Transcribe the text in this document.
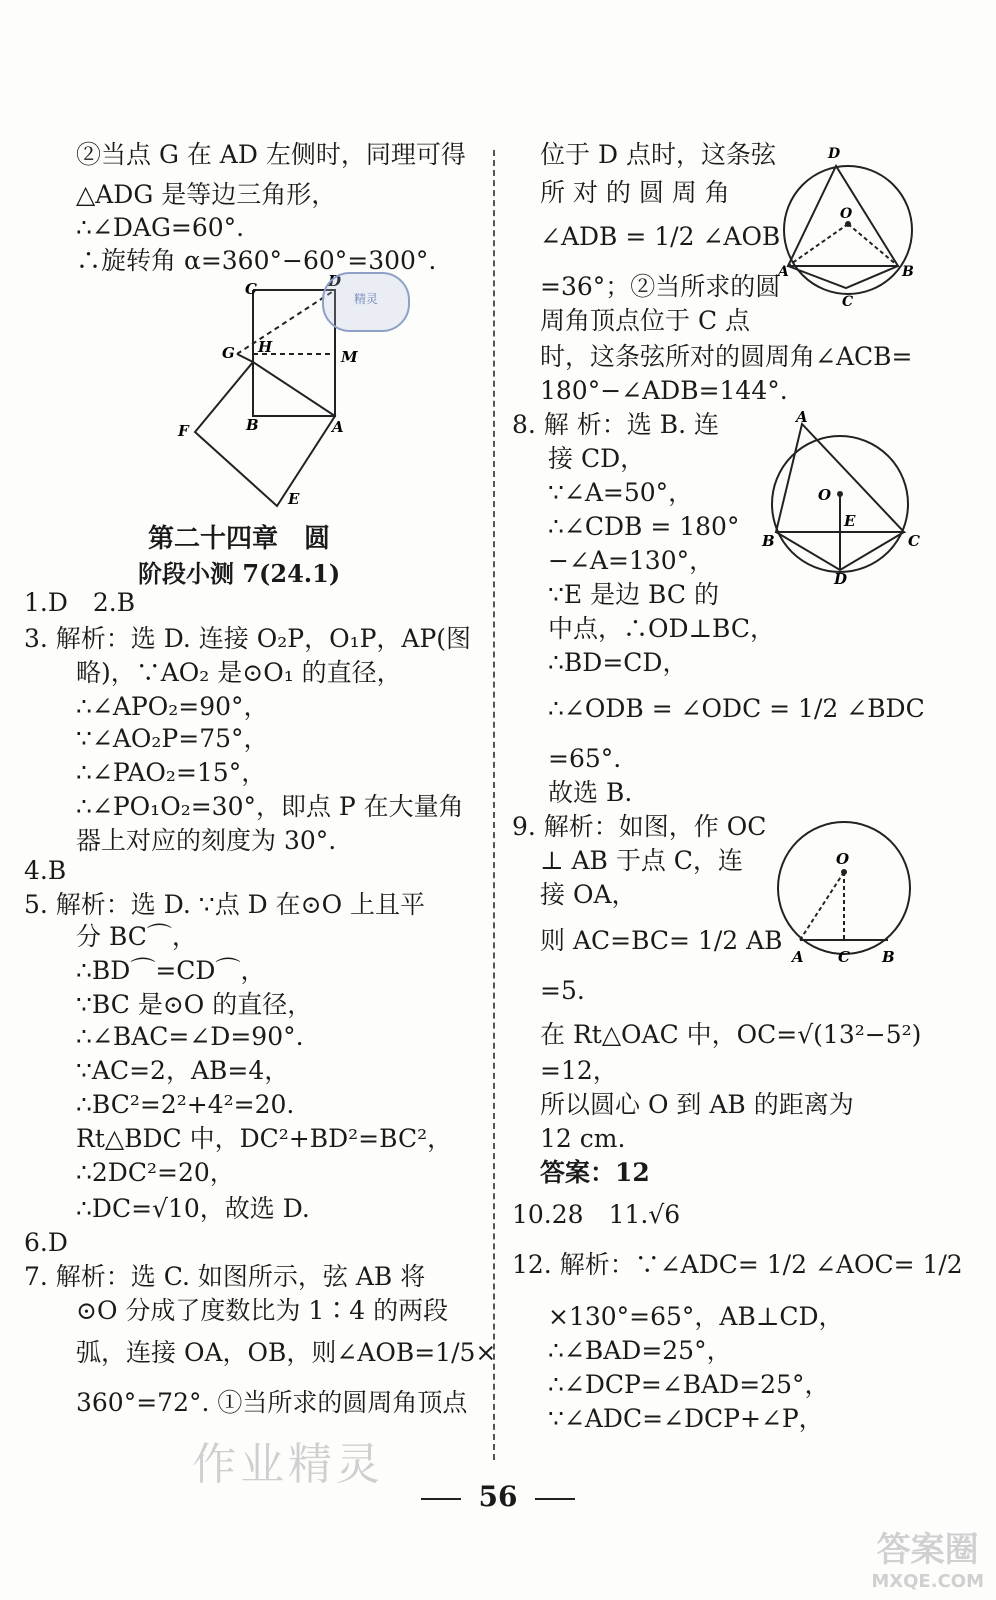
②当点 G 在 AD 左侧时，同理可得
△ADG 是等边三角形，
∴∠DAG=60°.
∴旋转角 α=360°−60°=300°.
C	D
G H
M
F	B	A
E
精灵
第二十四章　圆
阶段小测 7(24.1)
1.D　2.B
3. 解析：选 D. 连接 O₂P，O₁P，AP(图
略)，∵AO₂ 是⊙O₁ 的直径，
∴∠APO₂=90°，
∵∠AO₂P=75°，
∴∠PAO₂=15°，
∴∠PO₁O₂=30°，即点 P 在大量角
器上对应的刻度为 30°.
4.B
5. 解析：选 D. ∵点 D 在⊙O 上且平
分 BC⌒，
∴BD⌒=CD⌒，
∵BC 是⊙O 的直径，
∴∠BAC=∠D=90°.
∵AC=2，AB=4，
∴BC²=2²+4²=20.
Rt△BDC 中，DC²+BD²=BC²，
∴2DC²=20，
∴DC=√10，故选 D.
6.D
7. 解析：选 C. 如图所示，弦 AB 将
⊙O 分成了度数比为 1∶4 的两段
弧，连接 OA，OB，则∠AOB=1/5×
360°=72°. ①当所求的圆周角顶点
位于 D 点时，这条弦
所 对 的 圆 周 角
∠ADB = 1/2 ∠AOB
=36°；②当所求的圆
周角顶点位于 C 点
时，这条弦所对的圆周角∠ACB=
180°−∠ADB=144°.
D
O
A	B
C
8. 解 析：选 B. 连
接 CD，
∵∠A=50°，
∴∠CDB = 180°
−∠A=130°，
∵E 是边 BC 的
中点，∴OD⊥BC，
∴BD=CD，
∴∠ODB = ∠ODC = 1/2 ∠BDC
=65°.
故选 B.
A
O
E
B	C
D
9. 解析：如图，作 OC
⊥ AB 于点 C，连
接 OA，
则 AC=BC= 1/2 AB
=5.
在 Rt△OAC 中，OC=√(13²−5²)
=12，
所以圆心 O 到 AB 的距离为
12 cm.
答案：12
O
A C B
10.28　11.√6
12. 解析：∵∠ADC= 1/2 ∠AOC= 1/2
×130°=65°，AB⊥CD，
∴∠BAD=25°，
∴∠DCP=∠BAD=25°，
∵∠ADC=∠DCP+∠P，
56
作业精灵
答案圈
MXQE.COM
